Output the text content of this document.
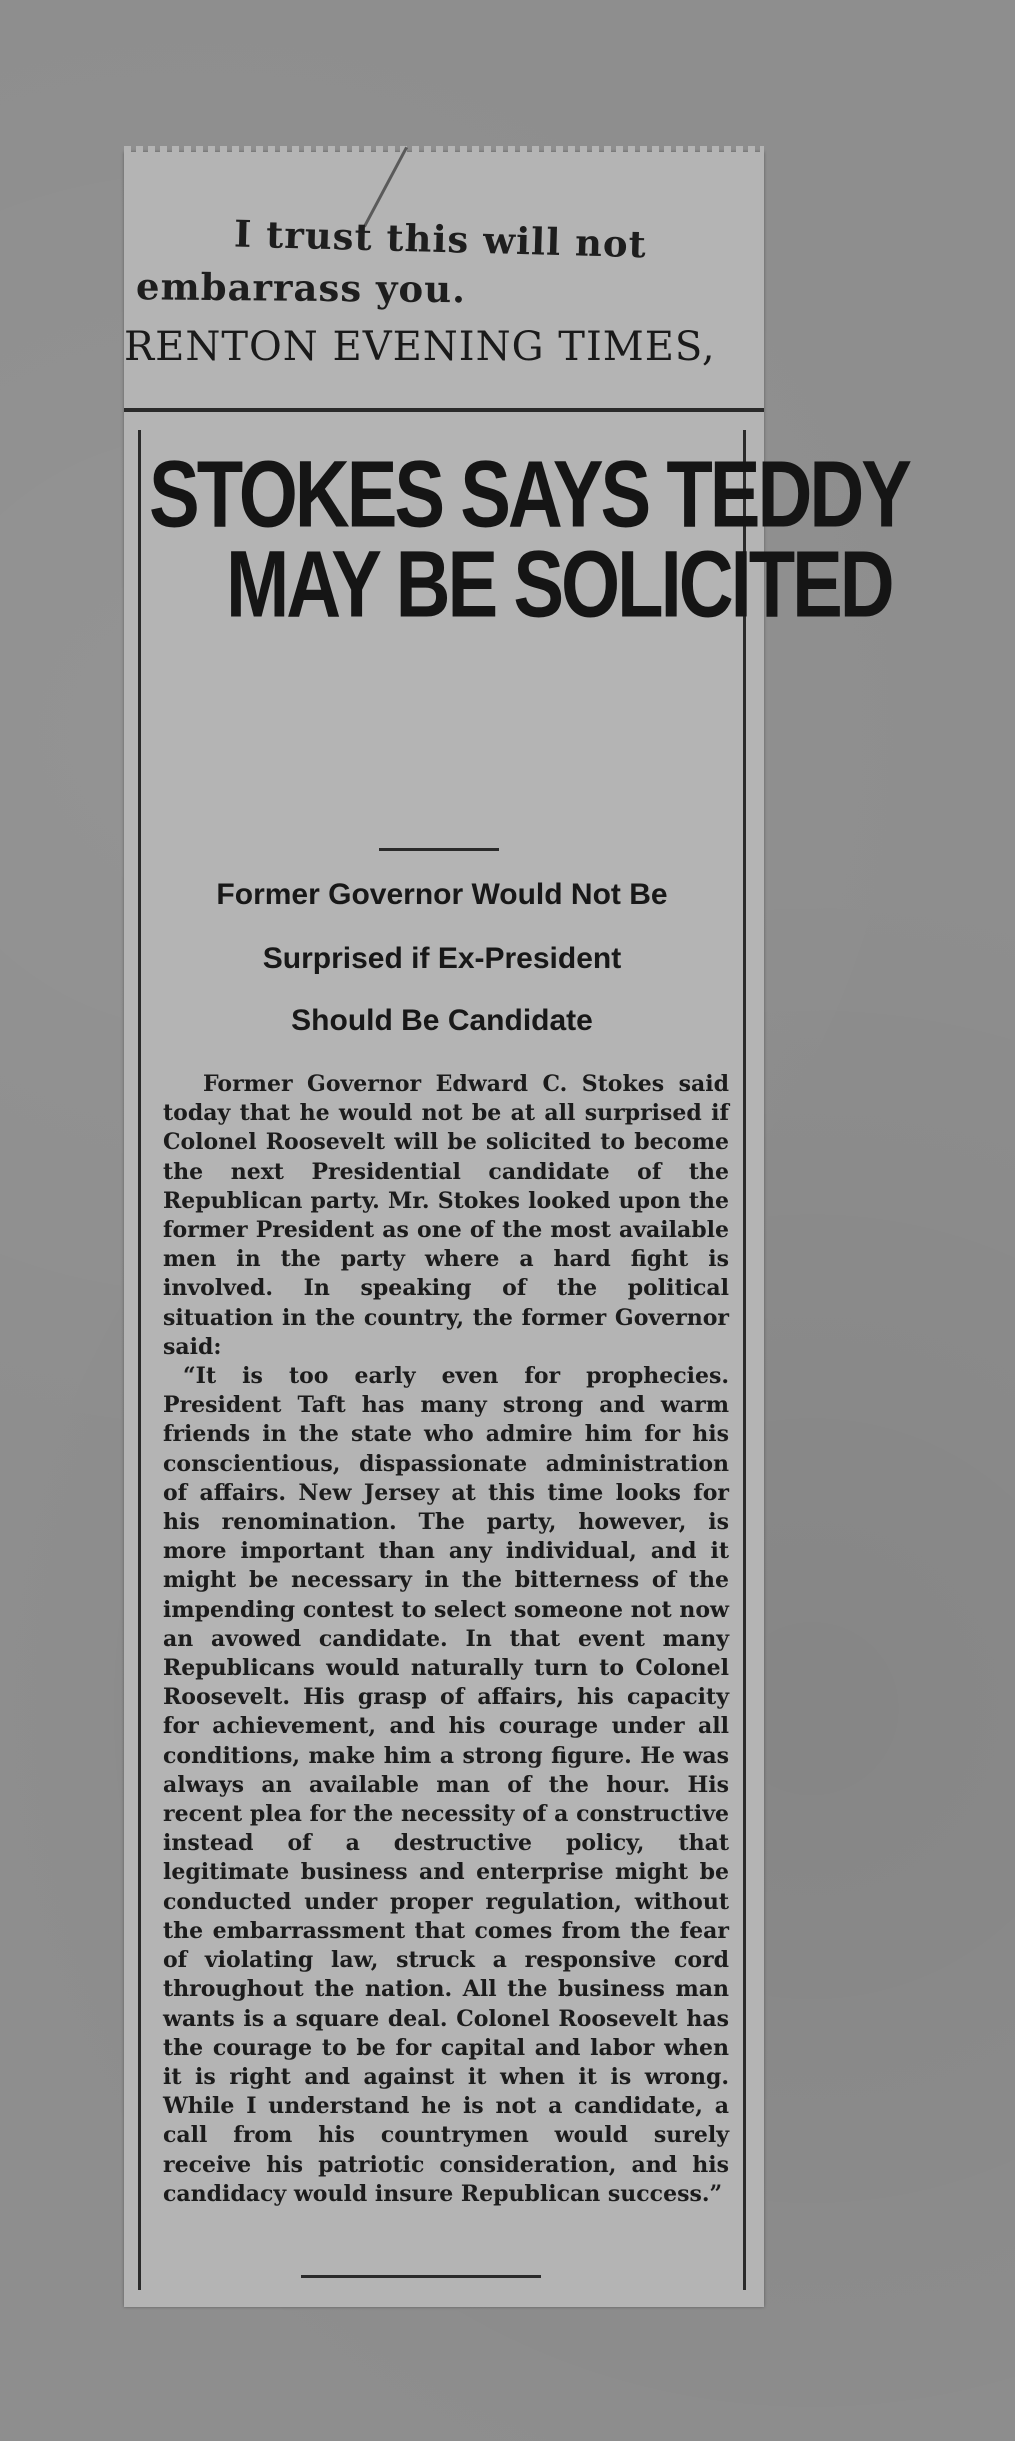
I trust this will not
embarrass you.
RENTON EVENING TIMES,
STOKES SAYS TEDDY
MAY BE SOLICITED
Former Governor Would Not Be
Surprised if Ex-President
Should Be Candidate

Former Governor Edward C. Stokes said today that he would not be at all surprised if Colonel Roosevelt will be solicited to become the next Presidential candidate of the Republican party. Mr. Stokes looked upon the former President as one of the most available men in the party where a hard fight is involved. In speaking of the political situation in the country, the former Governor said:

“It is too early even for prophecies. President Taft has many strong and warm friends in the state who admire him for his conscientious, dispassionate administration of affairs. New Jersey at this time looks for his renomination. The party, however, is more important than any individual, and it might be necessary in the bitterness of the impending contest to select someone not now an avowed candidate. In that event many Republicans would naturally turn to Colonel Roosevelt. His grasp of affairs, his capacity for achievement, and his courage under all conditions, make him a strong figure. He was always an available man of the hour. His recent plea for the necessity of a constructive instead of a destructive policy, that legitimate business and enterprise might be conducted under proper regulation, without the embarrassment that comes from the fear of violating law, struck a responsive cord throughout the nation. All the business man wants is a square deal. Colonel Roosevelt has the courage to be for capital and labor when it is right and against it when it is wrong. While I understand he is not a candidate, a call from his countrymen would surely receive his patriotic consideration, and his candidacy would insure Republican success.”
